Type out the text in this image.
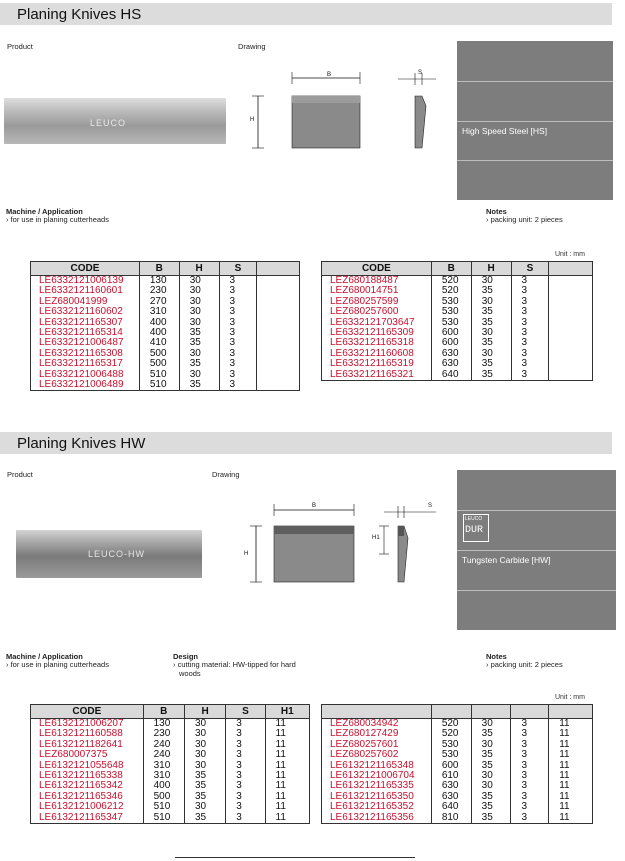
Planing Knives HS
Product	Drawing
LEUCO
B
H
S
High Speed Steel [HS]
Machine / Application
› for use in planing cutterheads
Notes
› packing unit: 2 pieces
Unit : mm
CODE	B	H	S	
LE6332121006139	130	30	3	
LE6332121160601	230	30	3	
LEZ680041999	270	30	3	
LE6332121160602	310	30	3	
LE6332121165307	400	30	3	
LE6332121165314	400	35	3	
LE6332121006487	410	35	3	
LE6332121165308	500	30	3	
LE6332121165317	500	35	3	
LE6332121006488	510	30	3	
LE6332121006489	510	35	3	
CODE	B	H	S	
LEZ680188487	520	30	3	
LEZ680014751	520	35	3	
LEZ680257599	530	30	3	
LEZ680257600	530	35	3	
LE6332121703647	530	35	3	
LE6332121165309	600	30	3	
LE6332121165318	600	35	3	
LE6332121160608	630	30	3	
LE6332121165319	630	35	3	
LE6332121165321	640	35	3	
Planing Knives HW
Product	Drawing
LEUCO-HW
B
H
H1
S
LEUCO
DUR
Tungsten Carbide [HW]
Machine / Application
› for use in planing cutterheads
Design
› cutting material: HW-tipped for hard
woods
Notes
› packing unit: 2 pieces
Unit : mm
CODE	B	H	S	H1
LE6132121006207	130	30	3	11
LE6132121160588	230	30	3	11
LE6132121182641	240	30	3	11
LEZ680007375	240	30	3	11
LE6132121055648	310	30	3	11
LE6132121165338	310	35	3	11
LE6132121165342	400	35	3	11
LE6132121165346	500	35	3	11
LE6132121006212	510	30	3	11
LE6132121165347	510	35	3	11

LEZ680034942	520	30	3	11
LEZ680127429	520	35	3	11
LEZ680257601	530	30	3	11
LEZ680257602	530	35	3	11
LE6132121165348	600	35	3	11
LE6132121006704	610	30	3	11
LE6132121165335	630	30	3	11
LE6132121165350	630	35	3	11
LE6132121165352	640	35	3	11
LE6132121165356	810	35	3	11
